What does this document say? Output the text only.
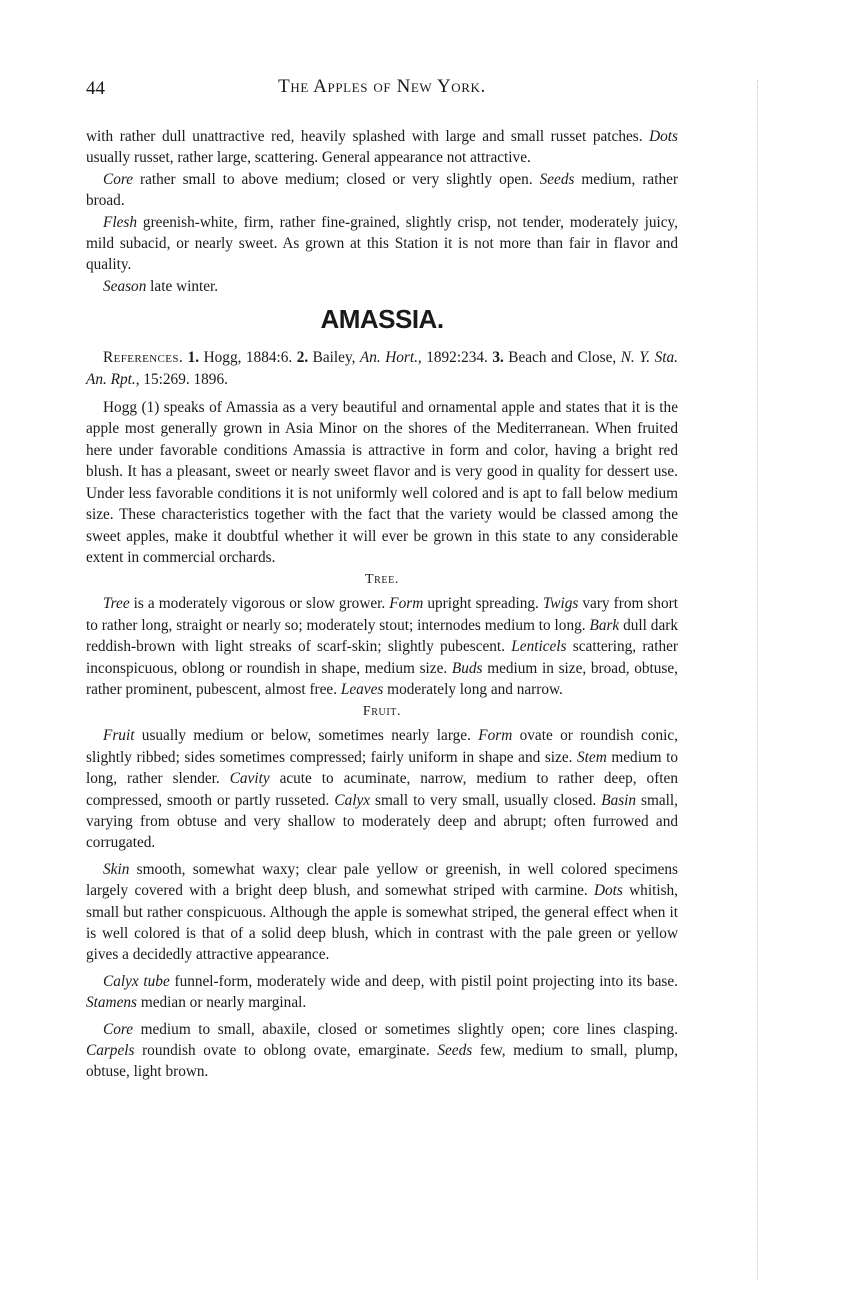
44	The Apples of New York.

with rather dull unattractive red, heavily splashed with large and small russet patches. Dots usually russet, rather large, scattering. General appearance not attractive.

Core rather small to above medium; closed or very slightly open. Seeds medium, rather broad.

Flesh greenish-white, firm, rather fine-grained, slightly crisp, not tender, moderately juicy, mild subacid, or nearly sweet. As grown at this Station it is not more than fair in flavor and quality.

Season late winter.

AMASSIA.

References. 1. Hogg, 1884:6. 2. Bailey, An. Hort., 1892:234. 3. Beach and Close, N. Y. Sta. An. Rpt., 15:269. 1896.

Hogg (1) speaks of Amassia as a very beautiful and ornamental apple and states that it is the apple most generally grown in Asia Minor on the shores of the Mediterranean. When fruited here under favorable conditions Amassia is attractive in form and color, having a bright red blush. It has a pleasant, sweet or nearly sweet flavor and is very good in quality for dessert use. Under less favorable conditions it is not uniformly well colored and is apt to fall below medium size. These characteristics together with the fact that the variety would be classed among the sweet apples, make it doubtful whether it will ever be grown in this state to any considerable extent in commercial orchards.

Tree.

Tree is a moderately vigorous or slow grower. Form upright spreading. Twigs vary from short to rather long, straight or nearly so; moderately stout; internodes medium to long. Bark dull dark reddish-brown with light streaks of scarf-skin; slightly pubescent. Lenticels scattering, rather inconspicuous, oblong or roundish in shape, medium size. Buds medium in size, broad, obtuse, rather prominent, pubescent, almost free. Leaves moderately long and narrow.

Fruit.

Fruit usually medium or below, sometimes nearly large. Form ovate or roundish conic, slightly ribbed; sides sometimes compressed; fairly uniform in shape and size. Stem medium to long, rather slender. Cavity acute to acuminate, narrow, medium to rather deep, often compressed, smooth or partly russeted. Calyx small to very small, usually closed. Basin small, varying from obtuse and very shallow to moderately deep and abrupt; often furrowed and corrugated.

Skin smooth, somewhat waxy; clear pale yellow or greenish, in well colored specimens largely covered with a bright deep blush, and somewhat striped with carmine. Dots whitish, small but rather conspicuous. Although the apple is somewhat striped, the general effect when it is well colored is that of a solid deep blush, which in contrast with the pale green or yellow gives a decidedly attractive appearance.

Calyx tube funnel-form, moderately wide and deep, with pistil point projecting into its base. Stamens median or nearly marginal.

Core medium to small, abaxile, closed or sometimes slightly open; core lines clasping. Carpels roundish ovate to oblong ovate, emarginate. Seeds few, medium to small, plump, obtuse, light brown.
